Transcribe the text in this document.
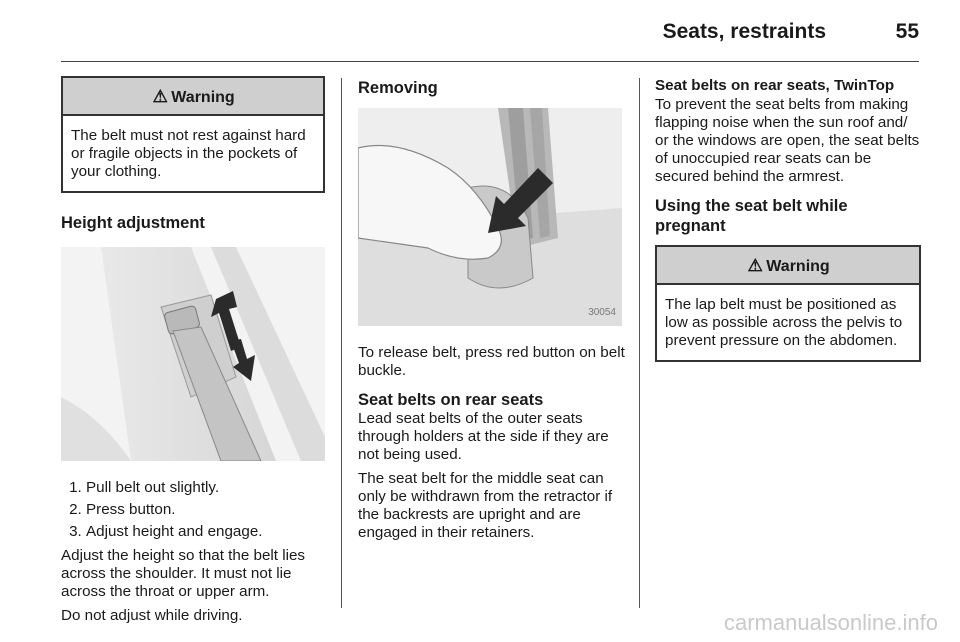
Seats, restraints	55
⚠ Warning
The belt must not rest against hard or fragile objects in the pockets of your clothing.
Height adjustment
1. Pull belt out slightly.
2. Press button.
3. Adjust height and engage.

Adjust the height so that the belt lies across the shoulder. It must not lie across the throat or upper arm.

Do not adjust while driving.

Removing
30054

To release belt, press red button on belt buckle.

Seat belts on rear seats

Lead seat belts of the outer seats through holders at the side if they are not being used.

The seat belt for the middle seat can only be withdrawn from the retractor if the backrests are upright and are engaged in their retainers.

Seat belts on rear seats, TwinTop

To prevent the seat belts from making flapping noise when the sun roof and/ or the windows are open, the seat belts of unoccupied rear seats can be secured behind the armrest.

Using the seat belt while pregnant
⚠ Warning
The lap belt must be positioned as low as possible across the pelvis to prevent pressure on the abdomen.
carmanualsonline.info
